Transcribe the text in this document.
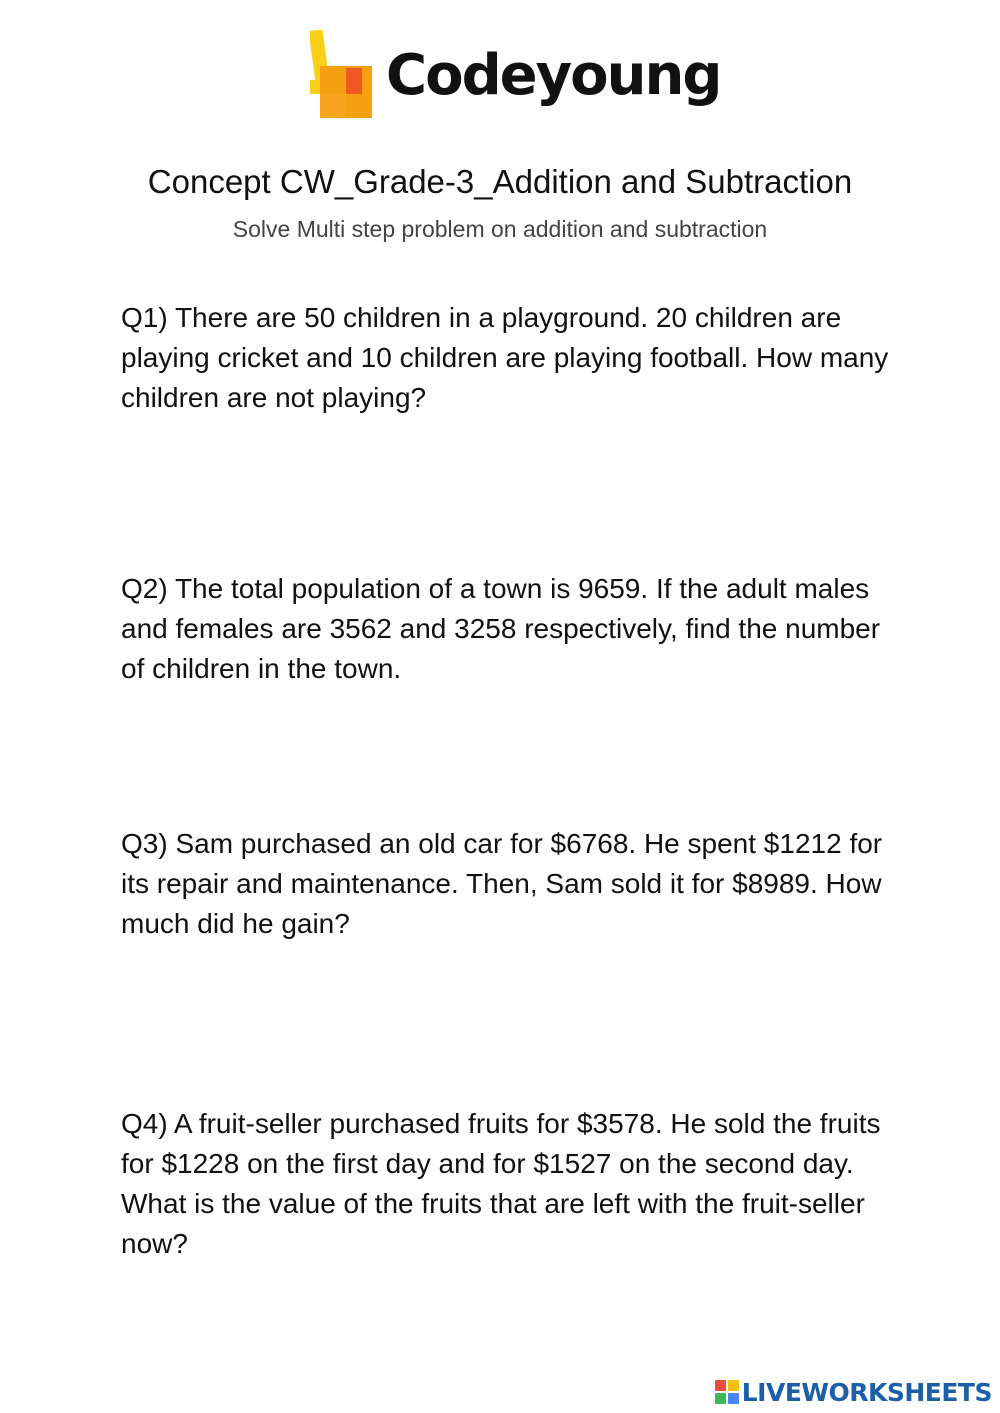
Codeyoung
Concept CW_Grade-3_Addition and Subtraction
Solve Multi step problem on addition and subtraction

Q1) There are 50 children in a playground. 20 children are playing cricket and 10 children are playing football. How many children are not playing?

Q2) The total population of a town is 9659. If the adult males and females are 3562 and 3258 respectively, find the number of children in the town.

Q3) Sam purchased an old car for $6768. He spent $1212 for its repair and maintenance. Then, Sam sold it for $8989. How much did he gain?

Q4) A fruit-seller purchased fruits for $3578. He sold the fruits for $1228 on the first day and for $1527 on the second day. What is the value of the fruits that are left with the fruit-seller now?

LIVEWORKSHEETS
